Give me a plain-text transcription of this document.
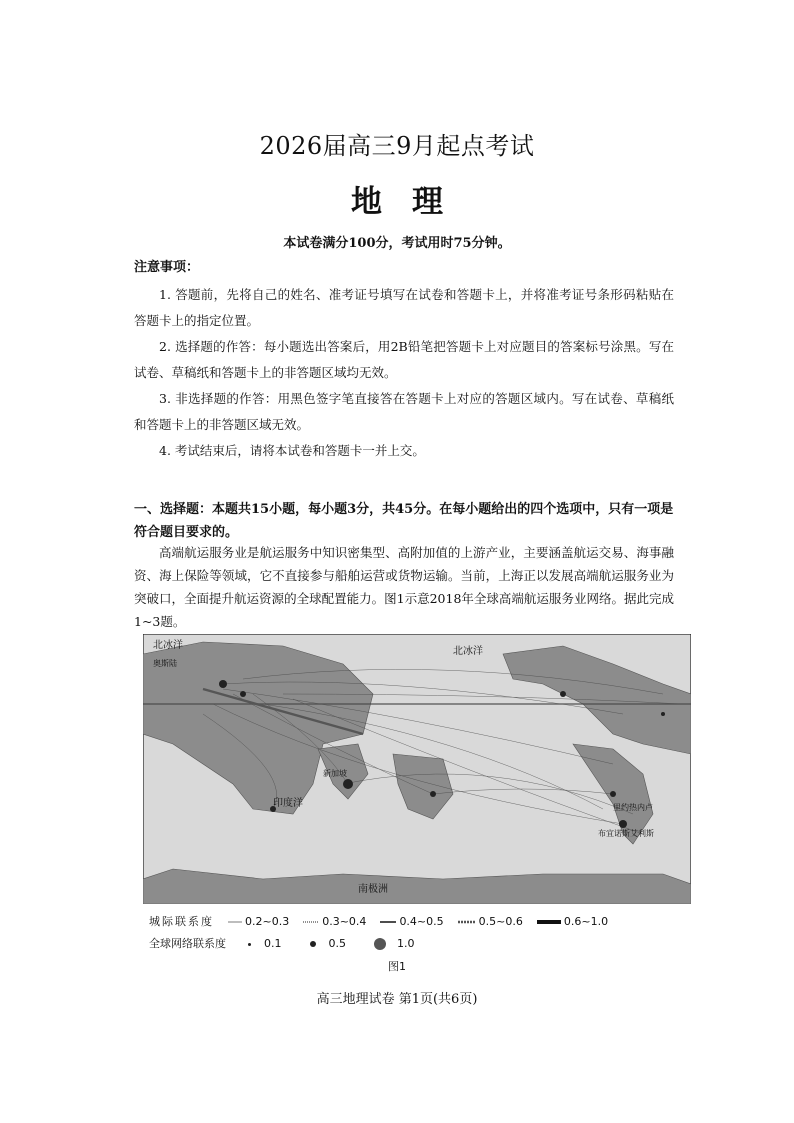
2026届高三9月起点考试
地理
本试卷满分100分，考试用时75分钟。
注意事项：

1. 答题前，先将自己的姓名、准考证号填写在试卷和答题卡上，并将准考证号条形码粘贴在答题卡上的指定位置。

2. 选择题的作答：每小题选出答案后，用2B铅笔把答题卡上对应题目的答案标号涂黑。写在试卷、草稿纸和答题卡上的非答题区域均无效。

3. 非选择题的作答：用黑色签字笔直接答在答题卡上对应的答题区域内。写在试卷、草稿纸和答题卡上的非答题区域无效。

4. 考试结束后，请将本试卷和答题卡一并上交。

一、选择题：本题共15小题，每小题3分，共45分。在每小题给出的四个选项中，只有一项是符合题目要求的。
高端航运服务业是航运服务中知识密集型、高附加值的上游产业，主要涵盖航运交易、海事融资、海上保险等领域，它不直接参与船舶运营或货物运输。当前，上海正以发展高端航运服务业为突破口，全面提升航运资源的全球配置能力。图1示意2018年全球高端航运服务业网络。据此完成1~3题。
北冰洋
北冰洋
印度洋
南极洲
奥斯陆
新加坡
布宜诺斯艾利斯
里约热内卢
城际联系度	0.2~0.3	0.3~0.4	0.4~0.5	0.5~0.6	0.6~1.0
全球网络联系度	0.1	0.5	1.0
图1
高三地理试卷 第1页(共6页)
